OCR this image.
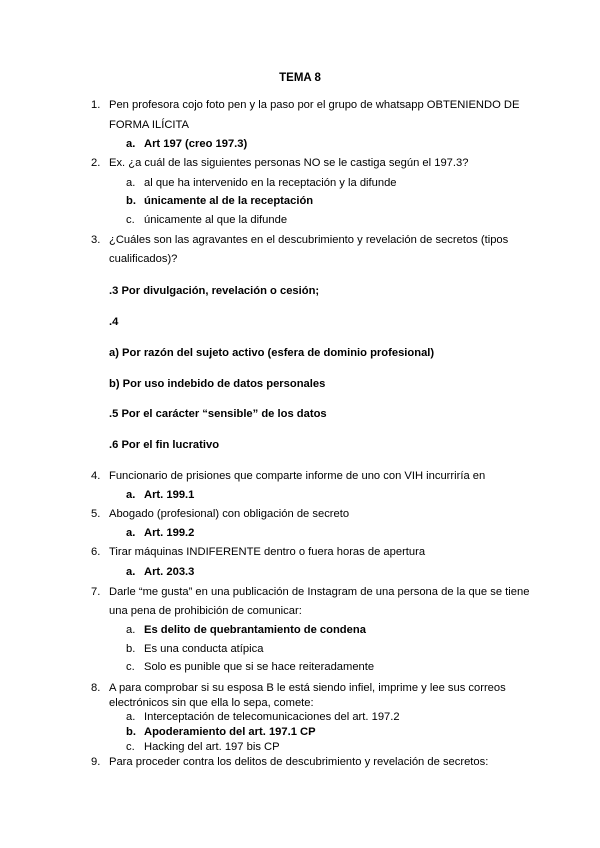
TEMA 8
1. Pen profesora cojo foto pen y la paso por el grupo de whatsapp OBTENIENDO DE
FORMA ILÍCITA
a. Art 197 (creo 197.3)
2. Ex. ¿a cuál de las siguientes personas NO se le castiga según el 197.3?
a. al que ha intervenido en la receptación y la difunde
b. únicamente al de la receptación
c. únicamente al que la difunde
3. ¿Cuáles son las agravantes en el descubrimiento y revelación de secretos (tipos
cualificados)?
.3 Por divulgación, revelación o cesión;
.4
a) Por razón del sujeto activo (esfera de dominio profesional)
b) Por uso indebido de datos personales
.5 Por el carácter “sensible” de los datos
.6 Por el fin lucrativo
4. Funcionario de prisiones que comparte informe de uno con VIH incurriría en
a. Art. 199.1
5. Abogado (profesional) con obligación de secreto
a. Art. 199.2
6. Tirar máquinas INDIFERENTE dentro o fuera horas de apertura
a. Art. 203.3
7. Darle “me gusta” en una publicación de Instagram de una persona de la que se tiene
una pena de prohibición de comunicar:
a. Es delito de quebrantamiento de condena
b. Es una conducta atípica
c. Solo es punible que si se hace reiteradamente
8. A para comprobar si su esposa B le está siendo infiel, imprime y lee sus correos
electrónicos sin que ella lo sepa, comete:
a. Interceptación de telecomunicaciones del art. 197.2
b. Apoderamiento del art. 197.1 CP
c. Hacking del art. 197 bis CP
9. Para proceder contra los delitos de descubrimiento y revelación de secretos:
